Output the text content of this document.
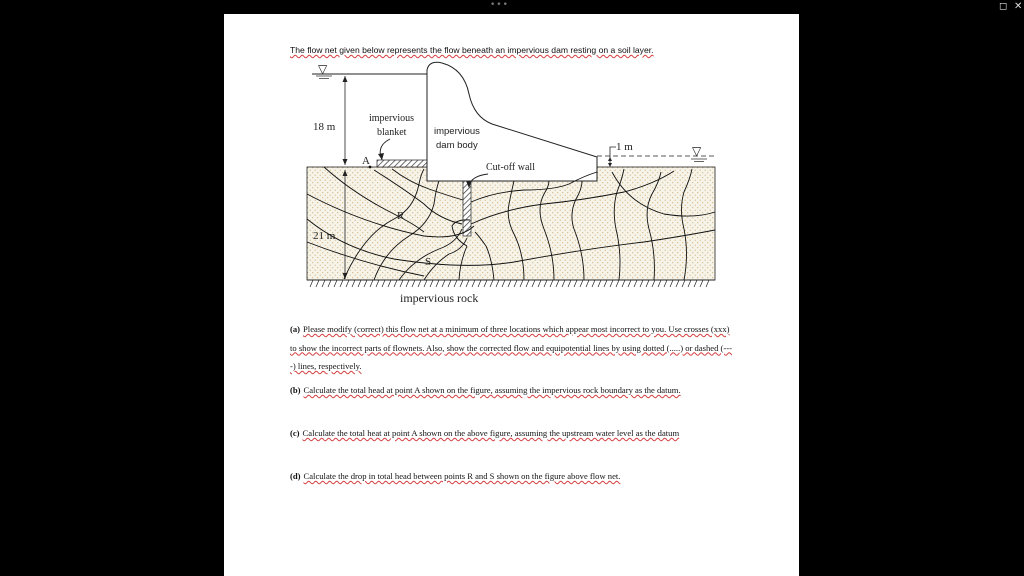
•••	◻ ✕
The flow net given below represents the flow beneath an impervious dam resting on a soil layer.
▽
18 m
21 m
impervious
blanket	impervious
dam body
Cut-off wall
▽
1 m
A
R
S
impervious rock
(a) Please modify (correct) this flow net at a minimum of three locations which appear most incorrect to you. Use crosses (xxx) to show the incorrect parts of flownets. Also, show the corrected flow and equipotential lines by using dotted (.....) or dashed (----) lines, respectively.
(b) Calculate the total head at point A shown on the figure, assuming the impervious rock boundary as the datum.
(c) Calculate the total heat at point A shown on the above figure, assuming the upstream water level as the datum
(d) Calculate the drop in total head between points R and S shown on the figure above flow net.
